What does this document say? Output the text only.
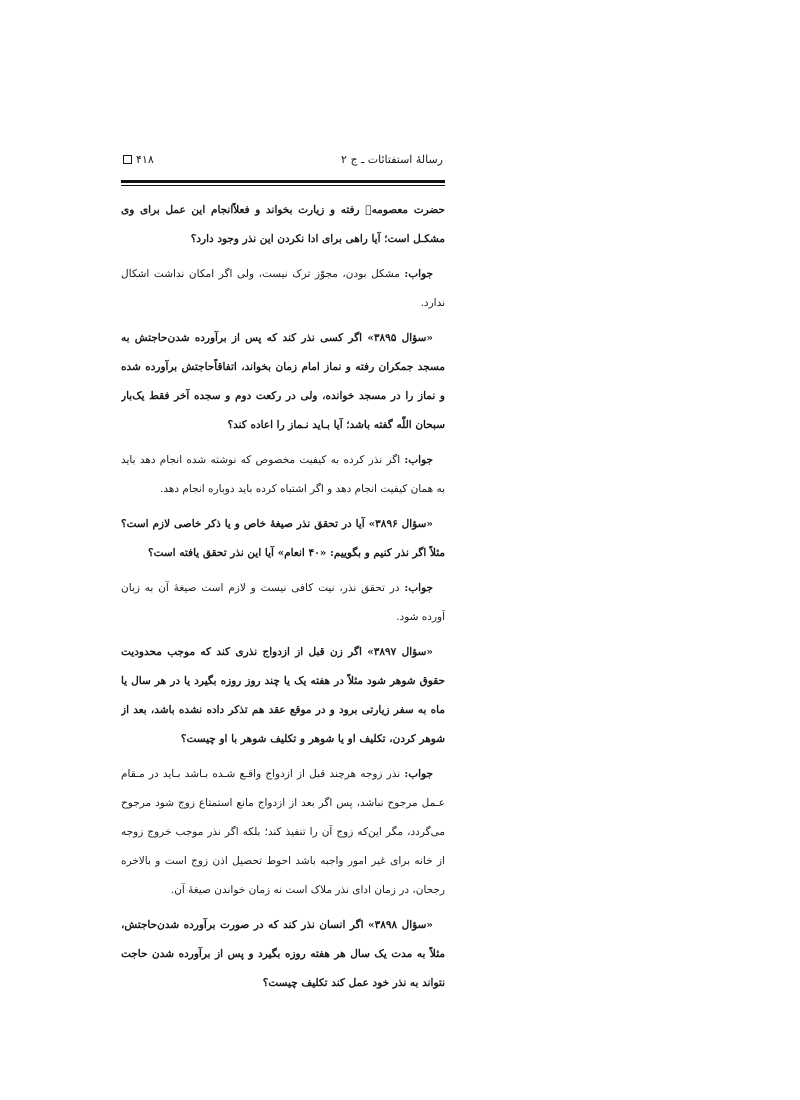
رسالهٔ استفتائات ـ ج ۲
۴۱۸

حضرت معصومه﷦ رفته و زیارت بخواند و فعلاًانجام این عمل برای وی مشکـل است؛ آیا راهی برای ادا نکردن این نذر وجود دارد؟

جواب: مشکل بودن، مجوّز ترک نیست، ولی اگر امکان نداشت اشکال ندارد.

«سؤال ۳۸۹۵» اگر کسی نذر کند که پس از برآورده شدن‌حاجتش به مسجد جمکران رفته و نماز امام زمان بخواند، اتفاقاًحاجتش برآورده شده و نماز را در مسجد خوانده، ولی در رکعت دوم و سجده آخر فقط یک‌بار سبحان اللّٰه گفته باشد؛ آیا بـاید نـماز را اعاده کند؟

جواب: اگر نذر کرده به کیفیت مخصوص که نوشته شده انجام دهد باید به همان کیفیت انجام دهد و اگر اشتباه کرده باید دوباره انجام دهد.

«سؤال ۳۸۹۶» آیا در تحقق نذر صیغهٔ خاص و یا ذکر خاصی لازم است؟ مثلاً اگر نذر کنیم و بگوییم: «۴۰ انعام» آیا این نذر تحقق یافته است؟

جواب: در تحقق نذر، نیت کافی نیست و لازم است صیغهٔ آن به زبان آورده شود.

«سؤال ۳۸۹۷» اگر زن قبل از ازدواج نذری کند که موجب محدودیت حقوق شوهر شود مثلاً در هفته یک یا چند روز روزه بگیرد یا در هر سال یا ماه به سفر زیارتی برود و در موقع عقد هم تذکر داده نشده باشد، بعد از شوهر کردن، تکلیف او یا شوهر و تکلیف شوهر با او چیست؟

جواب: نذر زوجه هرچند قبل از ازدواج واقـع شـده بـاشد بـاید در مـقام عـمل مرجوح نباشد، پس اگر بعد از ازدواج مانع استمتاع زوج شود مرجوح می‌گردد، مگر این‌که زوج آن را تنفیذ کند؛ بلکه اگر نذر موجب خروج زوجه از خانه برای غیر امور واجبه باشد احوط تحصیل اذن زوج است و بالاخره رجحان، در زمان ادای نذر ملاک است نه زمان خواندن صیغهٔ آن.

«سؤال ۳۸۹۸» اگر انسان نذر کند که در صورت برآورده شدن‌حاجتش، مثلاً به مدت یک سال هر هفته روزه بگیرد و پس از برآورده شدن حاجت نتواند به نذر خود عمل کند تکلیف چیست؟
